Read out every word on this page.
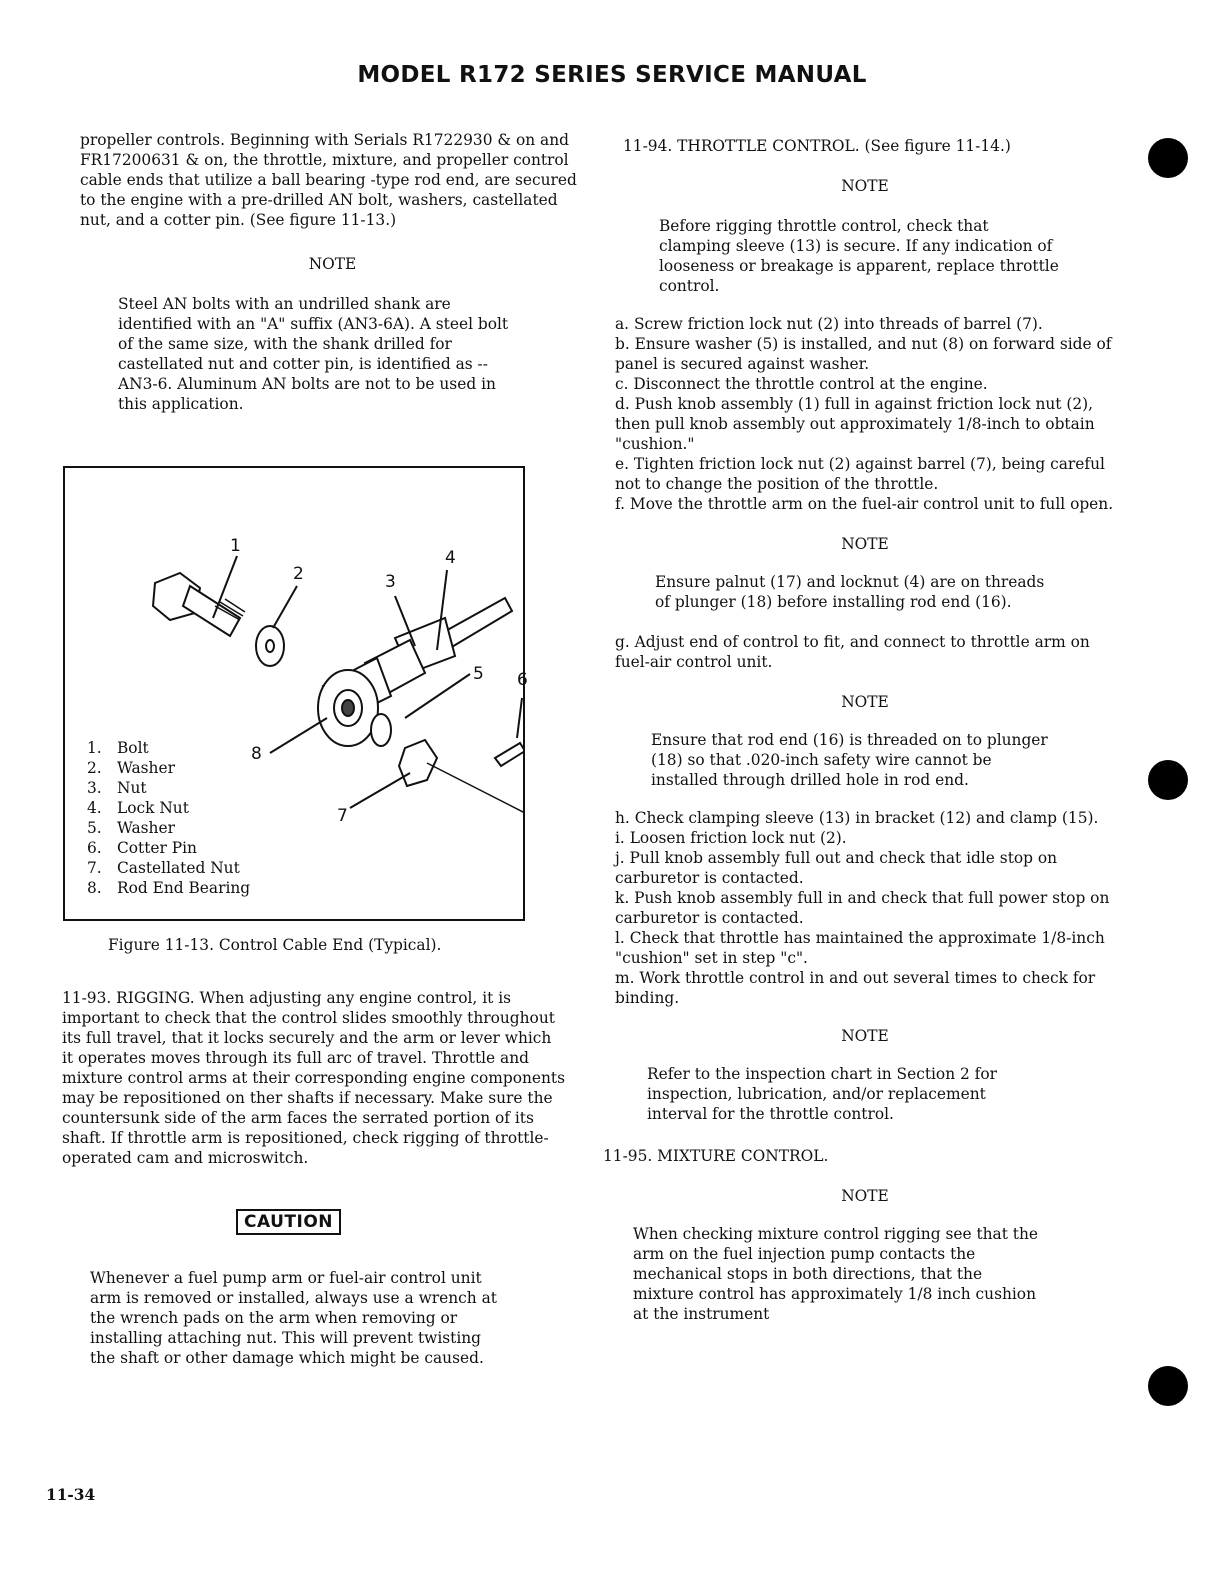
MODEL R172 SERIES SERVICE MANUAL

propeller controls. Beginning with Serials R1722930 & on and FR17200631 & on, the throttle, mixture, and propeller control cable ends that utilize a ball bearing -type rod end, are secured to the engine with a pre-drilled AN bolt, washers, castellated nut, and a cotter pin. (See figure 11-13.)

NOTE

Steel AN bolts with an undrilled shank are identified with an "A" suffix (AN3-6A). A steel bolt of the same size, with the shank drilled for castellated nut and cotter pin, is identified as -- AN3-6. Aluminum AN bolts are not to be used in this application.

1
2	3
4
5 6
7
8
1. Bolt
2. Washer
3. Nut
4. Lock Nut
5. Washer
6. Cotter Pin
7. Castellated Nut
8. Rod End Bearing
Figure 11-13. Control Cable End (Typical).

11-93. RIGGING. When adjusting any engine control, it is important to check that the control slides smoothly throughout its full travel, that it locks securely and the arm or lever which it operates moves through its full arc of travel. Throttle and mixture control arms at their corresponding engine components may be repositioned on ther shafts if necessary. Make sure the countersunk side of the arm faces the serrated portion of its shaft. If throttle arm is repositioned, check rigging of throttle-operated cam and microswitch.

CAUTION

Whenever a fuel pump arm or fuel-air control unit arm is removed or installed, always use a wrench at the wrench pads on the arm when removing or installing attaching nut. This will prevent twisting the shaft or other damage which might be caused.

11-94. THROTTLE CONTROL. (See figure 11-14.)

NOTE

Before rigging throttle control, check that clamping sleeve (13) is secure. If any indication of looseness or breakage is apparent, replace throttle control.

a. Screw friction lock nut (2) into threads of barrel (7).

b. Ensure washer (5) is installed, and nut (8) on forward side of panel is secured against washer.

c. Disconnect the throttle control at the engine.

d. Push knob assembly (1) full in against friction lock nut (2), then pull knob assembly out approximately 1/8-inch to obtain "cushion."

e. Tighten friction lock nut (2) against barrel (7), being careful not to change the position of the throttle.

f. Move the throttle arm on the fuel-air control unit to full open.

NOTE

Ensure palnut (17) and locknut (4) are on threads of plunger (18) before installing rod end (16).

g. Adjust end of control to fit, and connect to throttle arm on fuel-air control unit.

NOTE

Ensure that rod end (16) is threaded on to plunger (18) so that .020-inch safety wire cannot be installed through drilled hole in rod end.

h. Check clamping sleeve (13) in bracket (12) and clamp (15).

i. Loosen friction lock nut (2).

j. Pull knob assembly full out and check that idle stop on carburetor is contacted.

k. Push knob assembly full in and check that full power stop on carburetor is contacted.

l. Check that throttle has maintained the approximate 1/8-inch "cushion" set in step "c".

m. Work throttle control in and out several times to check for binding.

NOTE

Refer to the inspection chart in Section 2 for inspection, lubrication, and/or replacement interval for the throttle control.

11-95. MIXTURE CONTROL.

NOTE

When checking mixture control rigging see that the arm on the fuel injection pump contacts the mechanical stops in both directions, that the mixture control has approximately 1/8 inch cushion at the instrument

11-34
